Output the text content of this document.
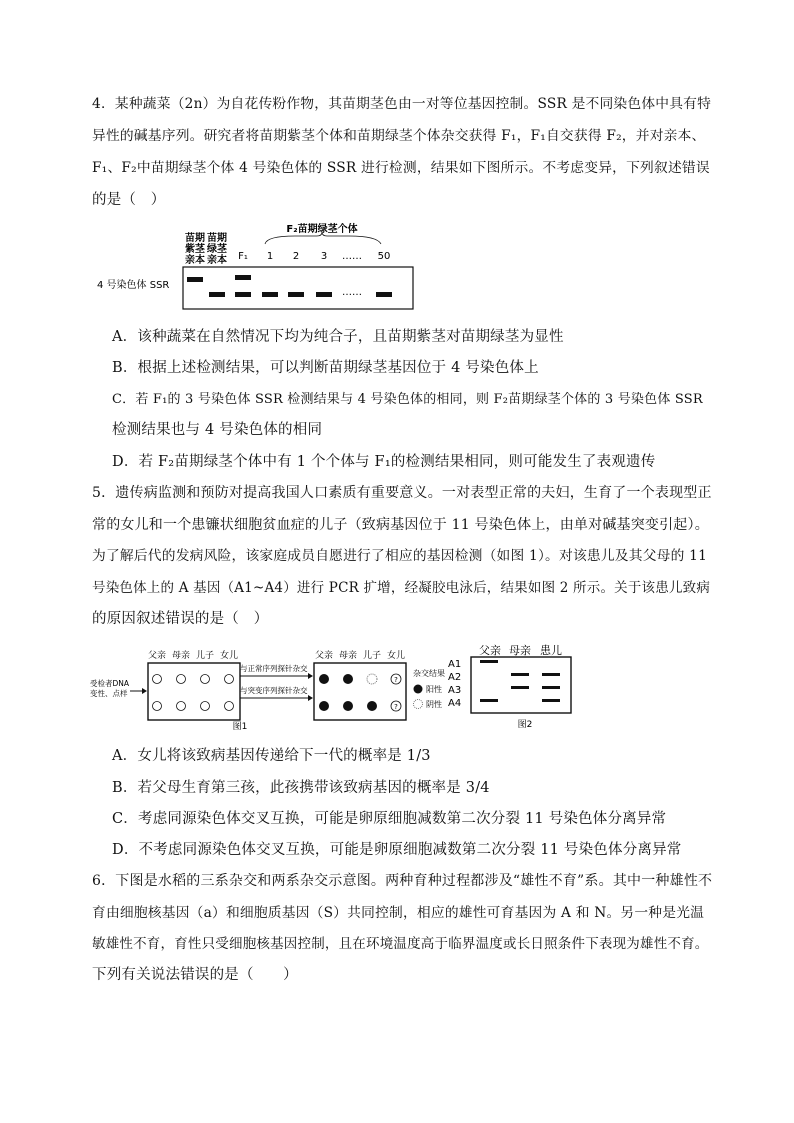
4．某种蔬菜（2n）为自花传粉作物，其苗期茎色由一对等位基因控制。SSR 是不同染色体中具有特
异性的碱基序列。研究者将苗期紫茎个体和苗期绿茎个体杂交获得 F₁，F₁自交获得 F₂，并对亲本、
F₁、F₂中苗期绿茎个体 4 号染色体的 SSR 进行检测，结果如下图所示。不考虑变异，下列叙述错误
的是（　）
苗期
紫茎
亲本
苗期
绿茎
亲本 F₁
F₂苗期绿茎个体
1 2 3 …… 50
4 号染色体 SSR
……
A．该种蔬菜在自然情况下均为纯合子，且苗期紫茎对苗期绿茎为显性
B．根据上述检测结果，可以判断苗期绿茎基因位于 4 号染色体上
C．若 F₁的 3 号染色体 SSR 检测结果与 4 号染色体的相同，则 F₂苗期绿茎个体的 3 号染色体 SSR
检测结果也与 4 号染色体的相同
D．若 F₂苗期绿茎个体中有 1 个个体与 F₁的检测结果相同，则可能发生了表观遗传
5．遗传病监测和预防对提高我国人口素质有重要意义。一对表型正常的夫妇，生育了一个表现型正
常的女儿和一个患镰状细胞贫血症的儿子（致病基因位于 11 号染色体上，由单对碱基突变引起）。
为了解后代的发病风险，该家庭成员自愿进行了相应的基因检测（如图 1）。对该患儿及其父母的 11
号染色体上的 A 基因（A1~A4）进行 PCR 扩增，经凝胶电泳后，结果如图 2 所示。关于该患儿致病
的原因叙述错误的是（　）
父亲 母亲 儿子 女儿	父亲 母亲 儿子 女儿
受检者DNA
变性、点样
与正常序列探针杂交
与突变序列探针杂交
?
?
杂交结果
阳性
阴性
图1
父亲 母亲 患儿
A1
A2
A3
A4
图2
A．女儿将该致病基因传递给下一代的概率是 1/3
B．若父母生育第三孩，此孩携带该致病基因的概率是 3/4
C．考虑同源染色体交叉互换，可能是卵原细胞减数第二次分裂 11 号染色体分离异常
D．不考虑同源染色体交叉互换，可能是卵原细胞减数第二次分裂 11 号染色体分离异常
6．下图是水稻的三系杂交和两系杂交示意图。两种育种过程都涉及“雄性不育”系。其中一种雄性不
育由细胞核基因（a）和细胞质基因（S）共同控制，相应的雄性可育基因为 A 和 N。另一种是光温
敏雄性不育，育性只受细胞核基因控制，且在环境温度高于临界温度或长日照条件下表现为雄性不育。
下列有关说法错误的是（　　）
